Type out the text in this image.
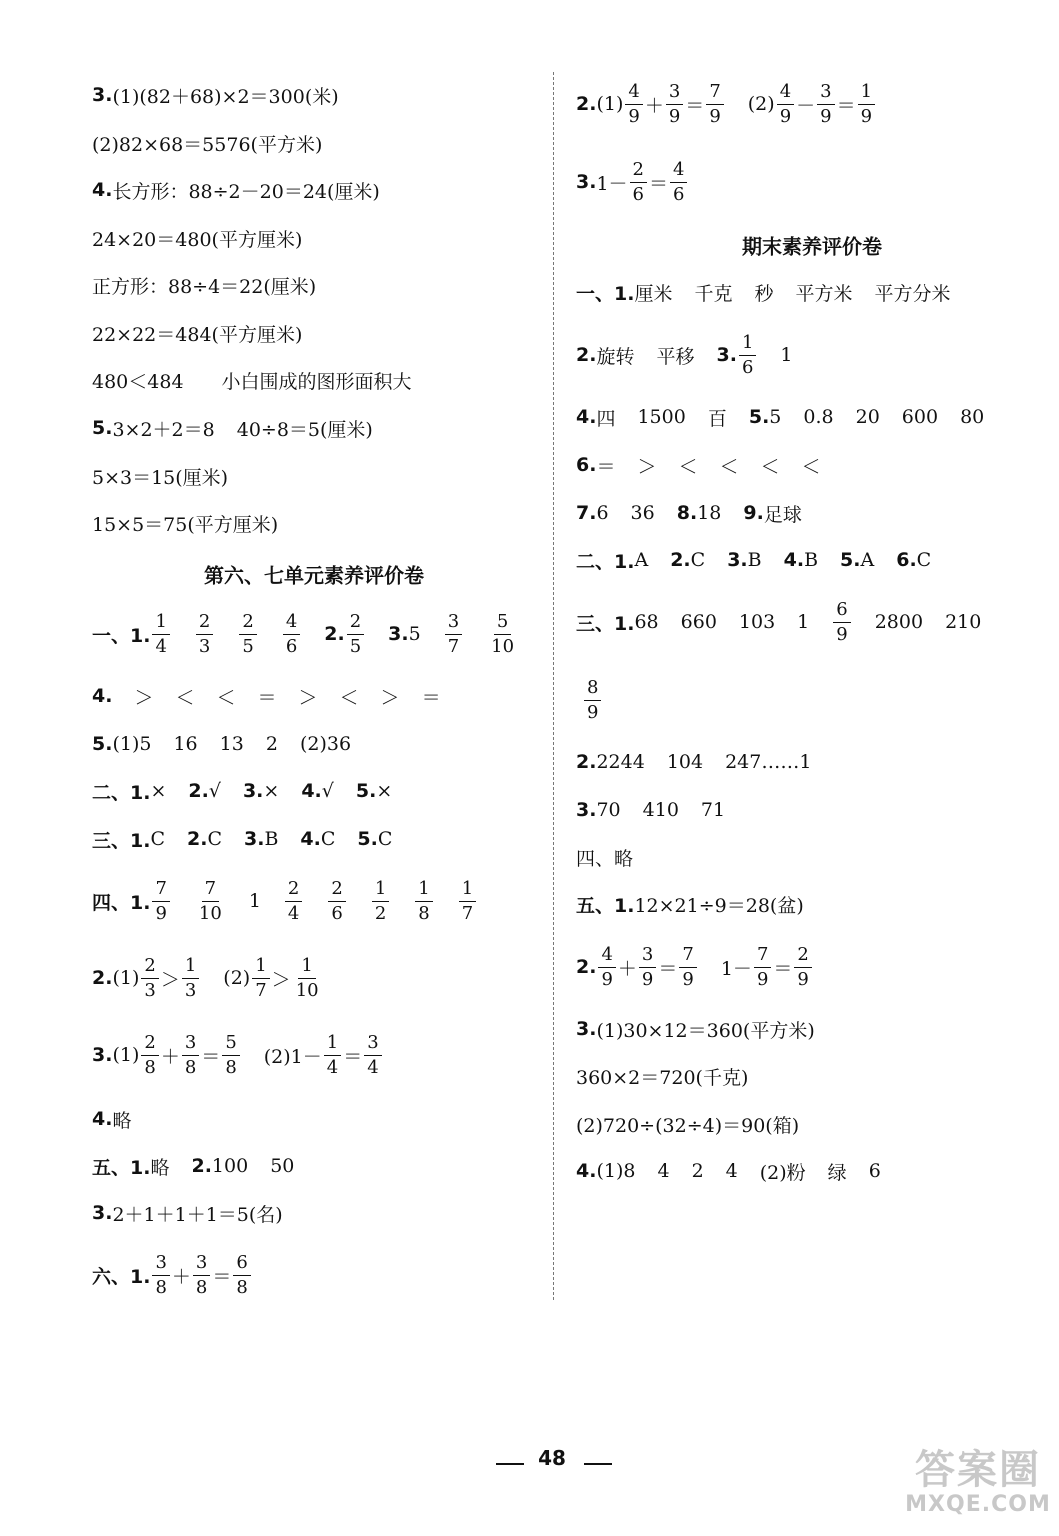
3. (1)(82＋68)×2＝300(米)
(2)82×68＝5576(平方米)
4. 长方形：88÷2－20＝24(厘米)
24×20＝480(平方厘米)
正方形：88÷4＝22(厘米)
22×22＝484(平方厘米)
480＜484 小白围成的图形面积大
5. 3×2＋2＝8 40÷8＝5(厘米)
5×3＝15(厘米)
15×5＝75(平方厘米)
第六、七单元素养评价卷
一、1. $\frac{1}{4} \frac{2}{3} \frac{2}{5} \frac{4}{6} 2$. $\frac{2}{5} 3$. $5 \frac{3}{7} \frac{5}{10}$
4. ＞ ＜ ＜ ＝ ＞ ＜ ＞ ＝
5. (1)5 16 13 2 (2)36
二、1. × 2. √ 3. × 4. √ 5. ×
三、1. C 2. C 3. B 4. C 5. C
四、1. $\frac{7}{9} \frac{7}{10} 1 \frac{2}{4} \frac{2}{6} \frac{1}{2} \frac{1}{8} \frac{1}{7}$
2. $(1) \frac{2}{3} > \frac{1}{3} (2) \frac{1}{7} > \frac{1}{10}$
3. $(1) \frac{2}{8} + \frac{3}{8} = \frac{5}{8} (2)1- \frac{1}{4} = \frac{3}{4}$
4. 略
五、1. 略 2. 100 50
3. 2＋1＋1＋1＝5(名)
六、1. $\frac{3}{8} + \frac{3}{8} = \frac{6}{8}$
2. $(1) \frac{4}{9} + \frac{3}{9} = \frac{7}{9} (2) \frac{4}{9} - \frac{3}{9} = \frac{1}{9}$
3. $1- \frac{2}{6} = \frac{4}{6}$
期末素养评价卷
一、1. 厘米 千克 秒 平方米 平方分米
2. 旋转 平移 3. $\frac{1}{6} 1$
4. 四 1500 百 5. 5 0.8 20 600 80
6. ＝ ＞ ＜ ＜ ＜ ＜
7. 6 36 8. 18 9. 足球
二、1. A 2. C 3. B 4. B 5. A 6. C
三、1. 68 660 103 $1 \frac{6}{9} 2800$ 210
$\frac{8}{9}$
2. 2244 104 247……1
3. 70 410 71
四、略
五、1. 12×21÷9＝28(盆)
2. $\frac{4}{9} + \frac{3}{9} = \frac{7}{9} 1- \frac{7}{9} = \frac{2}{9}$
3. (1)30×12＝360(平方米)
360×2＝720(千克)
(2)720÷(32÷4)＝90(箱)
4. (1)8 4 2 4 (2)粉 绿 6
48	答案圈
MXQE.COM
